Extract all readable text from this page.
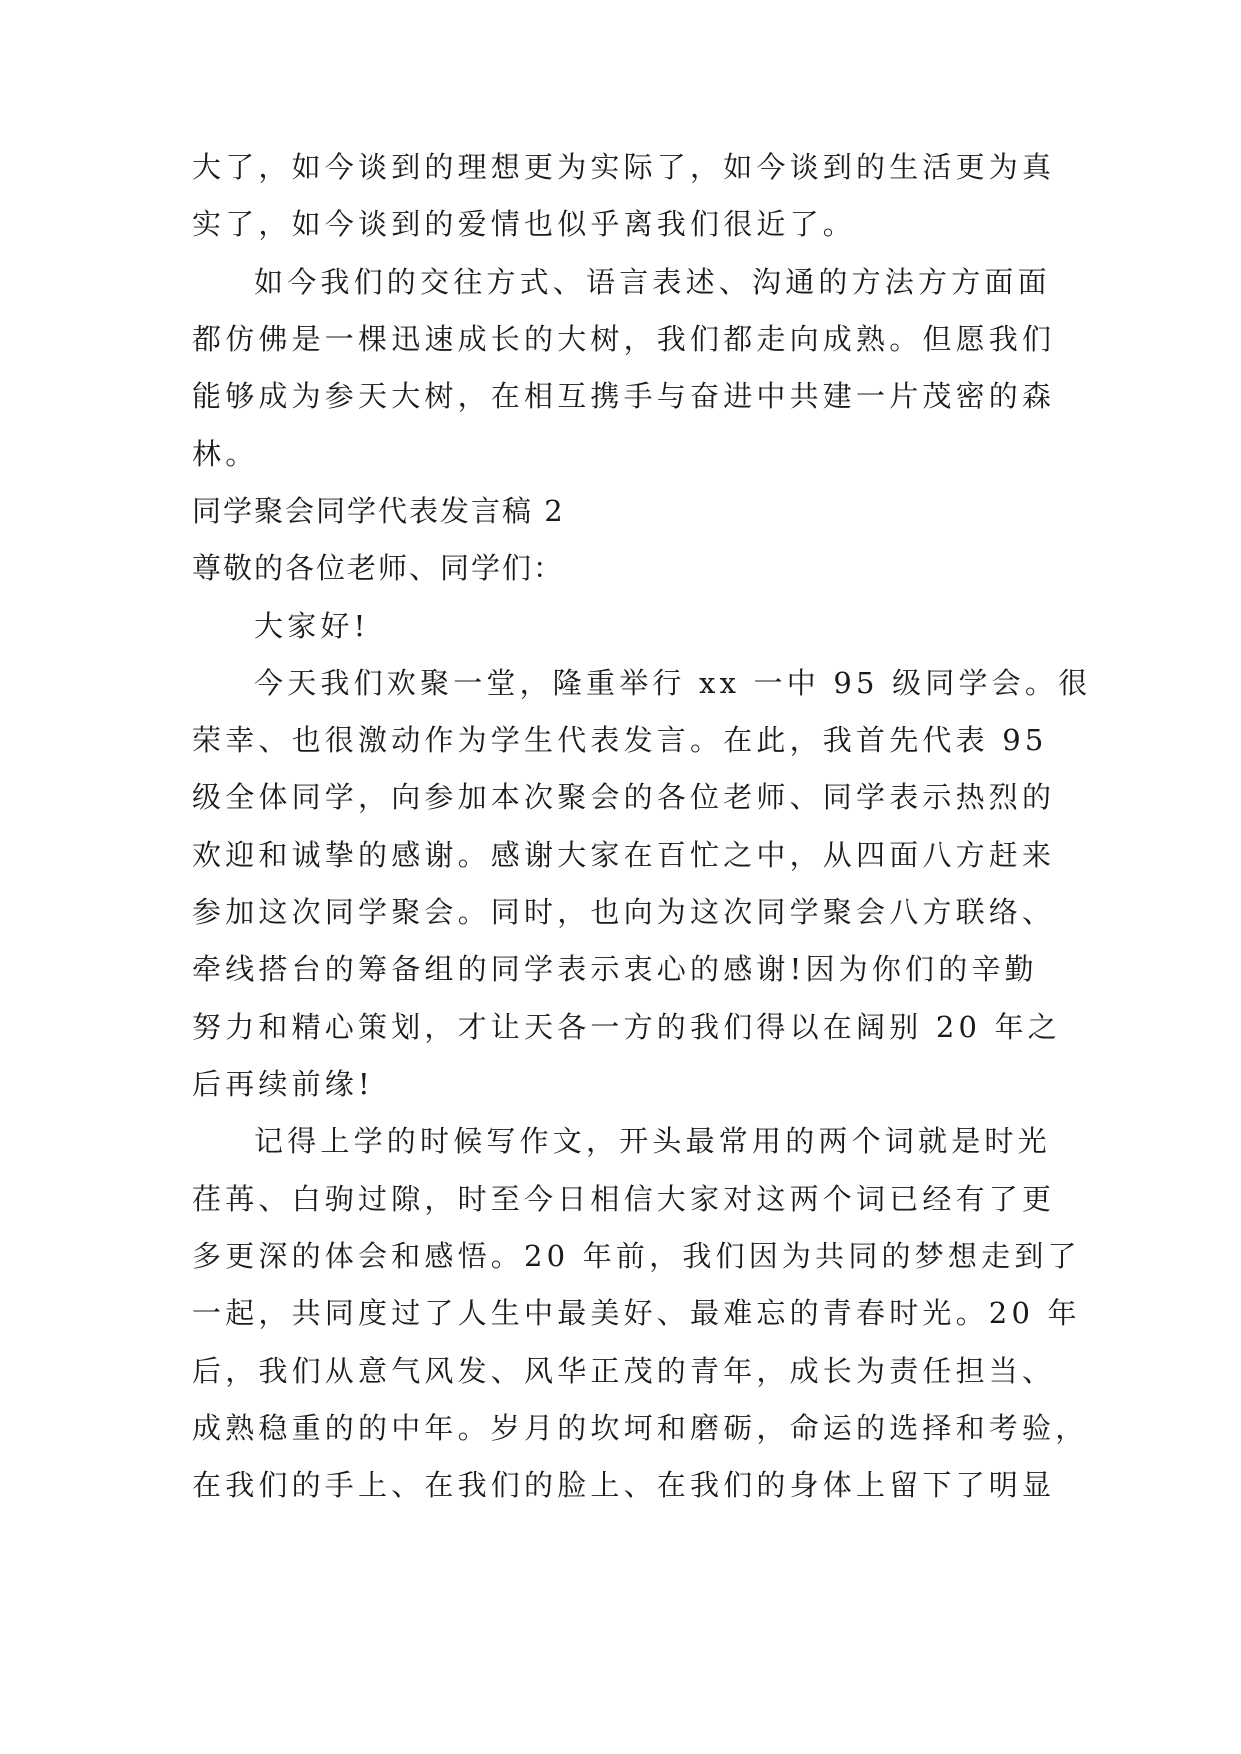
大了，如今谈到的理想更为实际了，如今谈到的生活更为真
实了，如今谈到的爱情也似乎离我们很近了。
如今我们的交往方式、语言表述、沟通的方法方方面面
都仿佛是一棵迅速成长的大树，我们都走向成熟。但愿我们
能够成为参天大树，在相互携手与奋进中共建一片茂密的森
林。
同学聚会同学代表发言稿 2
尊敬的各位老师、同学们：
大家好!
今天我们欢聚一堂，隆重举行 xx 一中 95 级同学会。很
荣幸、也很激动作为学生代表发言。在此，我首先代表 95
级全体同学，向参加本次聚会的各位老师、同学表示热烈的
欢迎和诚挚的感谢。感谢大家在百忙之中，从四面八方赶来
参加这次同学聚会。同时，也向为这次同学聚会八方联络、
牵线搭台的筹备组的同学表示衷心的感谢!因为你们的辛勤
努力和精心策划，才让天各一方的我们得以在阔别 20 年之
后再续前缘!
记得上学的时候写作文，开头最常用的两个词就是时光
荏苒、白驹过隙，时至今日相信大家对这两个词已经有了更
多更深的体会和感悟。20 年前，我们因为共同的梦想走到了
一起，共同度过了人生中最美好、最难忘的青春时光。20 年
后，我们从意气风发、风华正茂的青年，成长为责任担当、
成熟稳重的的中年。岁月的坎坷和磨砺，命运的选择和考验，
在我们的手上、在我们的脸上、在我们的身体上留下了明显
